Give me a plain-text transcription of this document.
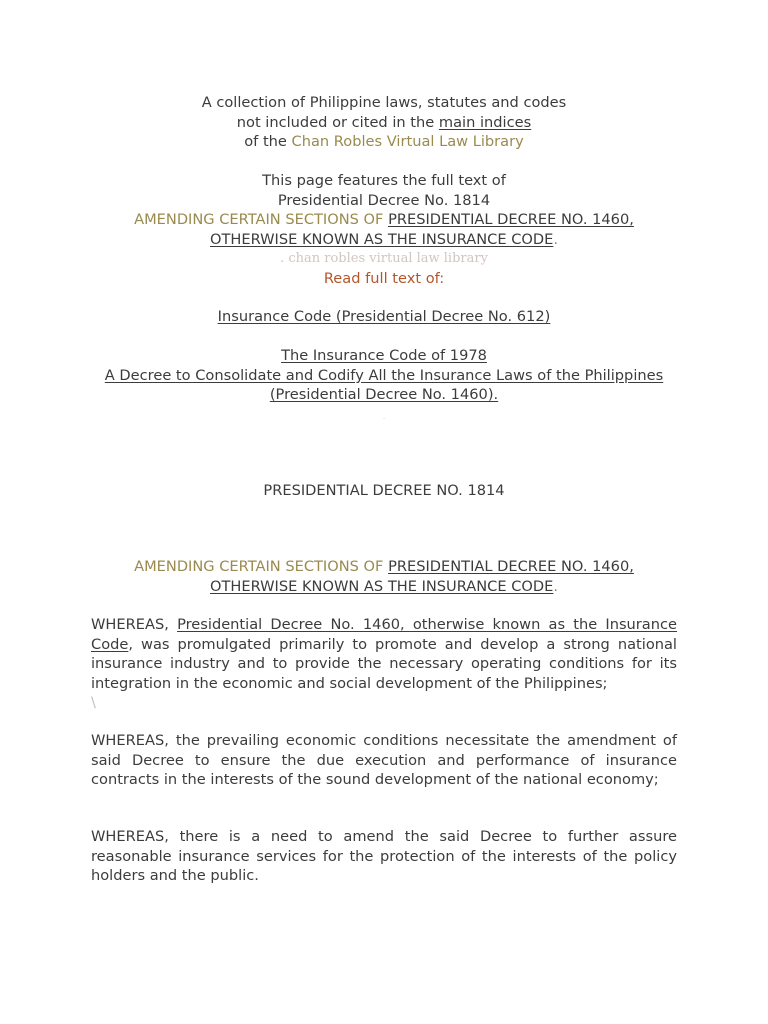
A collection of Philippine laws, statutes and codes
not included or cited in the main indices
of the Chan Robles Virtual Law Library
This page features the full text of
Presidential Decree No. 1814
AMENDING CERTAIN SECTIONS OF PRESIDENTIAL DECREE NO. 1460,
OTHERWISE KNOWN AS THE INSURANCE CODE.
. chan robles virtual law library
Read full text of:
Insurance Code (Presidential Decree No. 612)
The Insurance Code of 1978
A Decree to Consolidate and Codify All the Insurance Laws of the Philippines
(Presidential Decree No. 1460).
.
PRESIDENTIAL DECREE NO. 1814
AMENDING CERTAIN SECTIONS OF PRESIDENTIAL DECREE NO. 1460,
OTHERWISE KNOWN AS THE INSURANCE CODE.
WHEREAS, Presidential Decree No. 1460, otherwise known as the Insurance Code, was promulgated primarily to promote and develop a strong national insurance industry and to provide the necessary operating conditions for its integration in the economic and social development of the Philippines;
\
WHEREAS, the prevailing economic conditions necessitate the amendment of said Decree to ensure the due execution and performance of insurance contracts in the interests of the sound development of the national economy;
WHEREAS, there is a need to amend the said Decree to further assure reasonable insurance services for the protection of the interests of the policy holders and the public.
